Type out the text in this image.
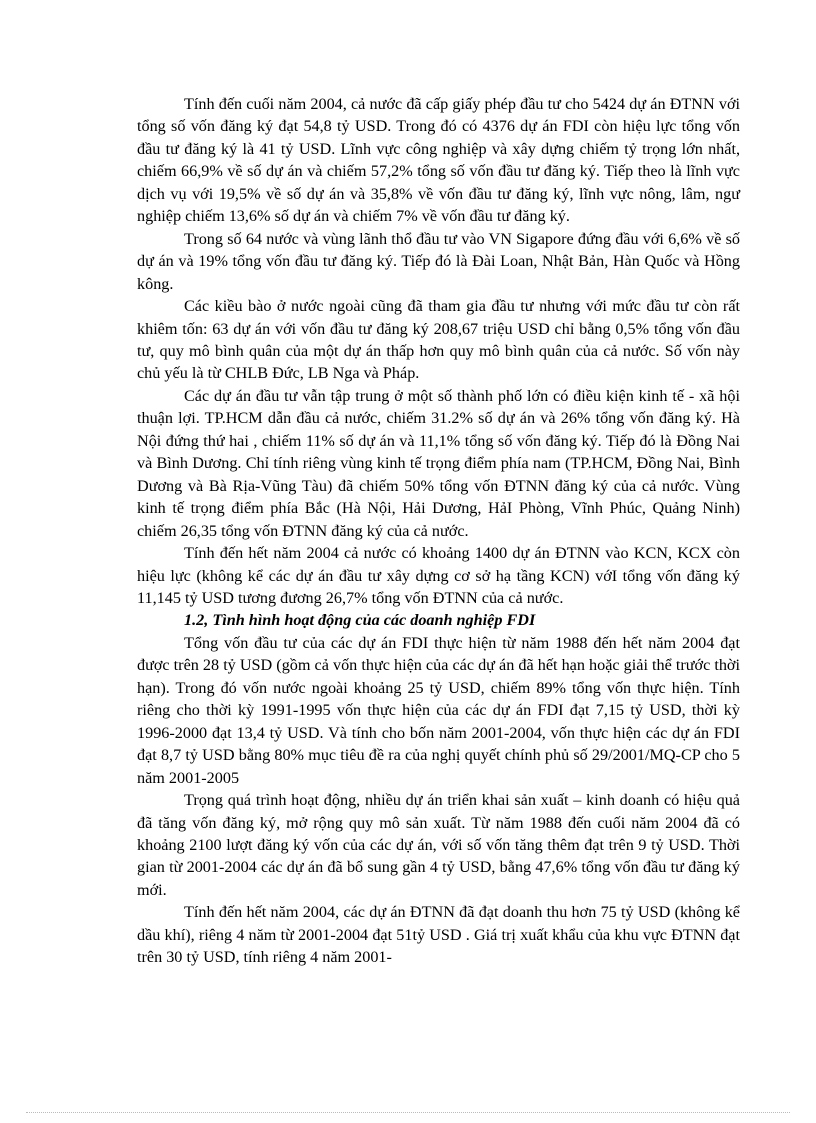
Tính đến cuối năm 2004, cả nước đã cấp giấy phép đầu tư cho 5424 dự án ĐTNN với tổng số vốn đăng ký đạt 54,8 tỷ USD. Trong đó có 4376 dự án FDI còn hiệu lực tổng vốn đầu tư đăng ký là 41 tỷ USD. Lĩnh vực công nghiệp và xây dựng chiếm tỷ trọng lớn nhất, chiếm 66,9% về số dự án và chiếm 57,2% tổng số vốn đầu tư đăng ký. Tiếp theo là lĩnh vực dịch vụ với 19,5% về số dự án và 35,8% về vốn đầu tư đăng ký, lĩnh vực nông, lâm, ngư nghiệp chiếm 13,6% số dự án và chiếm 7% về vốn đầu tư đăng ký.

Trong số 64 nước và vùng lãnh thổ đầu tư vào VN Sigapore đứng đầu với 6,6% về số dự án và 19% tổng vốn đầu tư đăng ký. Tiếp đó là Đài Loan, Nhật Bản, Hàn Quốc và Hồng kông.

Các kiều bào ở nước ngoài cũng đã tham gia đầu tư nhưng với mức đầu tư còn rất khiêm tốn: 63 dự án với vốn đầu tư đăng ký 208,67 triệu USD chỉ bằng 0,5% tổng vốn đầu tư, quy mô bình quân của một dự án thấp hơn quy mô bình quân của cả nước. Số vốn này chủ yếu là từ CHLB Đức, LB Nga và Pháp.

Các dự án đầu tư vẫn tập trung ở một số thành phố lớn có điều kiện kinh tế - xã hội thuận lợi. TP.HCM dẫn đầu cả nước, chiếm 31.2% số dự án và 26% tổng vốn đăng ký. Hà Nội đứng thứ hai , chiếm 11% số dự án và 11,1% tổng số vốn đăng ký. Tiếp đó là Đồng Nai và Bình Dương. Chỉ tính riêng vùng kinh tế trọng điểm phía nam (TP.HCM, Đồng Nai, Bình Dương và Bà Rịa-Vũng Tàu) đã chiếm 50% tổng vốn ĐTNN đăng ký của cả nước. Vùng kinh tế trọng điểm phía Bắc (Hà Nội, Hải Dương, HảI Phòng, Vĩnh Phúc, Quảng Ninh) chiếm 26,35 tổng vốn ĐTNN đăng ký của cả nước.

Tính đến hết năm 2004 cả nước có khoảng 1400 dự án ĐTNN vào KCN, KCX còn hiệu lực (không kể các dự án đầu tư xây dựng cơ sở hạ tầng KCN) vớI tổng vốn đăng ký 11,145 tỷ USD tương đương 26,7% tổng vốn ĐTNN của cả nước.

1.2, Tình hình hoạt động của các doanh nghiệp FDI

Tổng vốn đầu tư của các dự án FDI thực hiện từ năm 1988 đến hết năm 2004 đạt được trên 28 tỷ USD (gồm cả vốn thực hiện của các dự án đã hết hạn hoặc giải thể trước thời hạn). Trong đó vốn nước ngoài khoảng 25 tỷ USD, chiếm 89% tổng vốn thực hiện. Tính riêng cho thời kỳ 1991-1995 vốn thực hiện của các dự án FDI đạt 7,15 tỷ USD, thời kỳ 1996-2000 đạt 13,4 tỷ USD. Và tính cho bốn năm 2001-2004, vốn thực hiện các dự án FDI đạt 8,7 tỷ USD bằng 80% mục tiêu đề ra của nghị quyết chính phủ số 29/2001/MQ-CP cho 5 năm 2001-2005

Trọng quá trình hoạt động, nhiều dự án triển khai sản xuất – kinh doanh có hiệu quả đã tăng vốn đăng ký, mở rộng quy mô sản xuất. Từ năm 1988 đến cuối năm 2004 đã có khoảng 2100 lượt đăng ký vốn của các dự án, với số vốn tăng thêm đạt trên 9 tỷ USD. Thời gian từ 2001-2004 các dự án đã bổ sung gần 4 tỷ USD, bằng 47,6% tổng vốn đầu tư đăng ký mới.

Tính đến hết năm 2004, các dự án ĐTNN đã đạt doanh thu hơn 75 tỷ USD (không kể dầu khí), riêng 4 năm từ 2001-2004 đạt 51tỷ USD . Giá trị xuất khẩu của khu vực ĐTNN đạt trên 30 tỷ USD, tính riêng 4 năm 2001-
